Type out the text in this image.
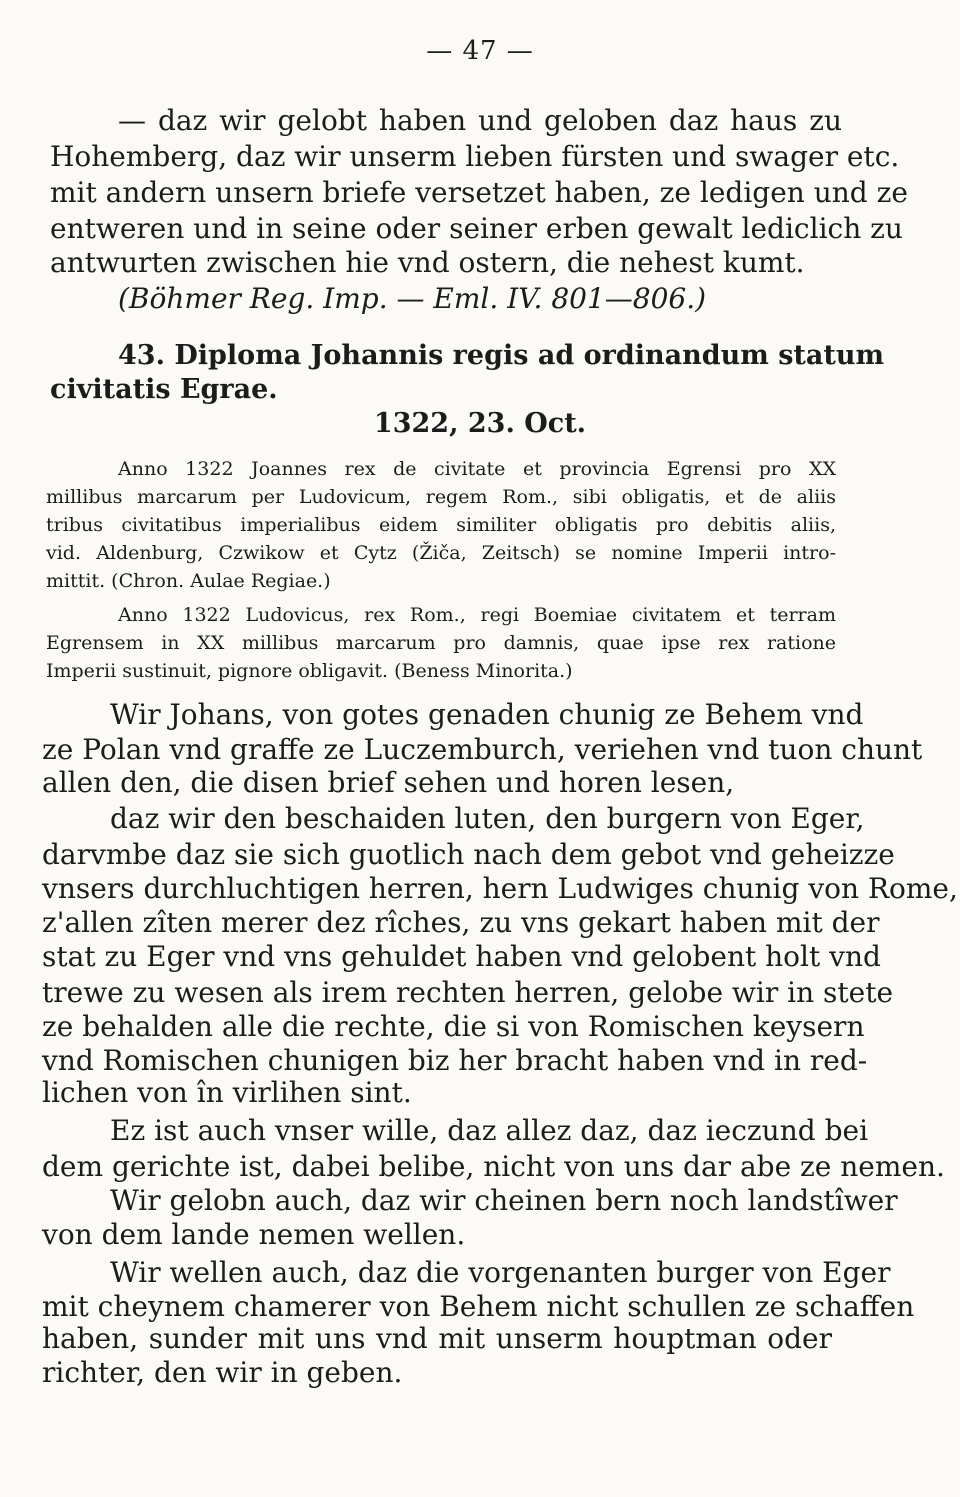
— 47 —
— daz wir gelobt haben und geloben daz haus zu
Hohemberg, daz wir unserm lieben fürsten und swager etc.
mit andern unsern briefe versetzet haben, ze ledigen und ze
entweren und in seine oder seiner erben gewalt lediclich zu
antwurten zwischen hie vnd ostern, die nehest kumt.
(Böhmer Reg. Imp. — Eml. IV. 801—806.)
43. Diploma Johannis regis ad ordinandum statum
civitatis Egrae.
1322, 23. Oct.
Anno 1322 Joannes rex de civitate et provincia Egrensi pro XX
millibus marcarum per Ludovicum, regem Rom., sibi obligatis, et de aliis
tribus civitatibus imperialibus eidem similiter obligatis pro debitis aliis,
vid. Aldenburg, Czwikow et Cytz (Žiča, Zeitsch) se nomine Imperii intro-
mittit. (Chron. Aulae Regiae.)
Anno 1322 Ludovicus, rex Rom., regi Boemiae civitatem et terram
Egrensem in XX millibus marcarum pro damnis, quae ipse rex ratione
Imperii sustinuit, pignore obligavit. (Beness Minorita.)
Wir Johans, von gotes genaden chunig ze Behem vnd
ze Polan vnd graffe ze Luczemburch, veriehen vnd tuon chunt
allen den, die disen brief sehen und horen lesen,
daz wir den beschaiden luten, den burgern von Eger,
darvmbe daz sie sich guotlich nach dem gebot vnd geheizze
vnsers durchluchtigen herren, hern Ludwiges chunig von Rome,
z'allen zîten merer dez rîches, zu vns gekart haben mit der
stat zu Eger vnd vns gehuldet haben vnd gelobent holt vnd
trewe zu wesen als irem rechten herren, gelobe wir in stete
ze behalden alle die rechte, die si von Romischen keysern
vnd Romischen chunigen biz her bracht haben vnd in red-
lichen von în virlihen sint.
Ez ist auch vnser wille, daz allez daz, daz ieczund bei
dem gerichte ist, dabei belibe, nicht von uns dar abe ze nemen.
Wir gelobn auch, daz wir cheinen bern noch landstîwer
von dem lande nemen wellen.
Wir wellen auch, daz die vorgenanten burger von Eger
mit cheynem chamerer von Behem nicht schullen ze schaffen
haben, sunder mit uns vnd mit unserm houptman oder
richter, den wir in geben.
